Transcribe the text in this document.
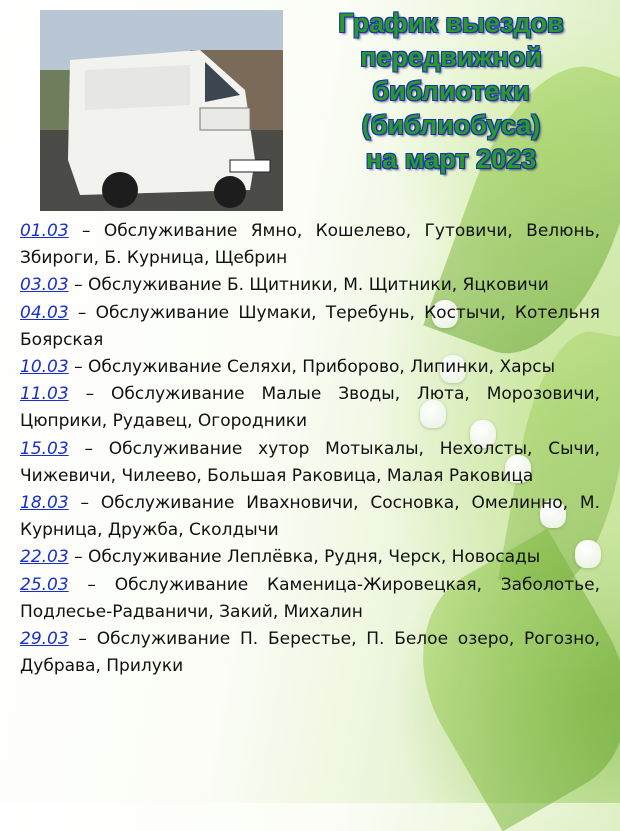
График выездов
передвижной
библиотеки
(библиобуса)
на март 2023

01.03 – Обслуживание Ямно, Кошелево, Гутовичи, Велюнь, Збироги, Б. Курница, Щебрин

03.03 – Обслуживание Б. Щитники, М. Щитники, Яцковичи

04.03 – Обслуживание Шумаки, Теребунь, Костычи, Котельня Боярская

10.03 – Обслуживание Селяхи, Приборово, Липинки, Харсы

11.03 – Обслуживание Малые Зводы, Люта, Морозовичи, Цюприки, Рудавец, Огородники

15.03 – Обслуживание хутор Мотыкалы, Нехолсты, Сычи, Чижевичи, Чилеево, Большая Раковица, Малая Раковица

18.03 – Обслуживание Ивахновичи, Сосновка, Омелинно, М. Курница, Дружба, Сколдычи

22.03 – Обслуживание Леплёвка, Рудня, Черск, Новосады

25.03 – Обслуживание Каменица-Жировецкая, Заболотье, Подлесье-Радваничи, Закий, Михалин

29.03 – Обслуживание П. Берестье, П. Белое озеро, Рогозно, Дубрава, Прилуки
